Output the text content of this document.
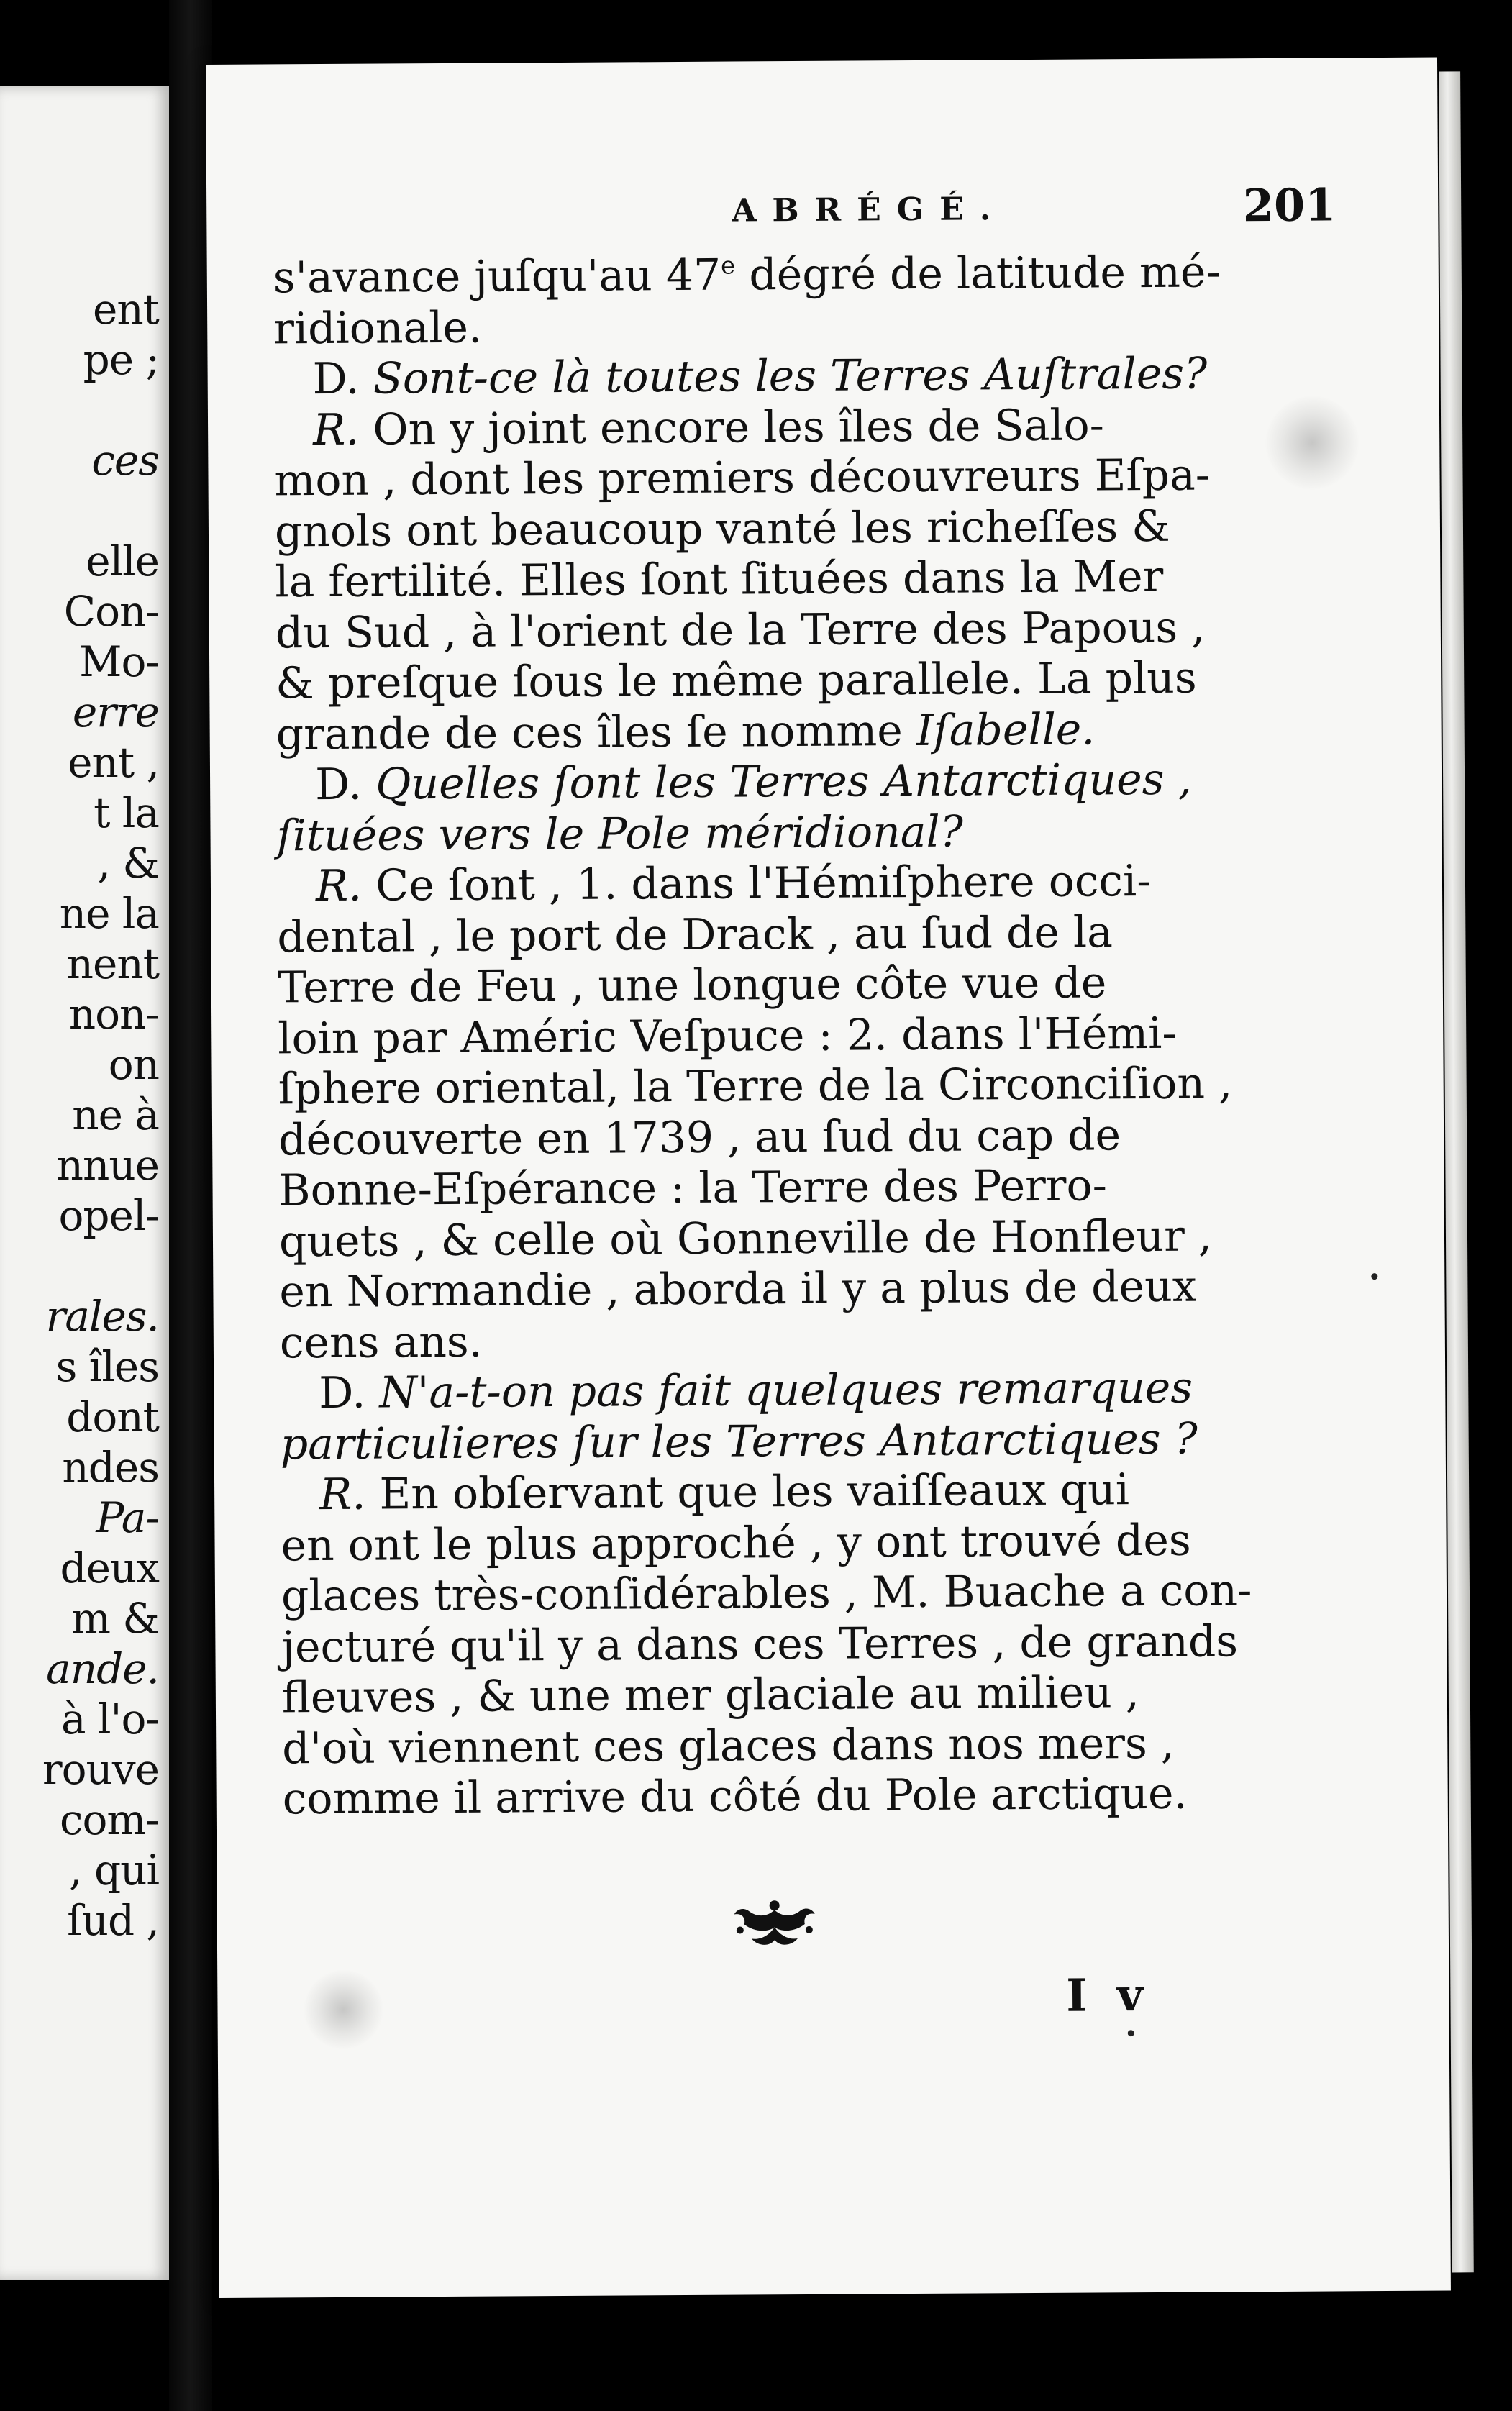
ent
pe ;
ces
elle
Con-
Mo-
erre
ent ,
t la
, &
ne la
nent
non-
on
ne à
nnue
opel-
rales.
s îles
dont
ndes
Pa-
deux
m &
ande.
à l'o-
rouve
com-
, qui
ſud ,
ABRÉGÉ.	201
s'avance juſqu'au 47e dégré de latitude mé-
ridionale.
D. Sont-ce là toutes les Terres Auſtrales?
R. On y joint encore les îles de Salo-
mon , dont les premiers découvreurs Eſpa-
gnols ont beaucoup vanté les richeſſes &
la fertilité. Elles ſont ſituées dans la Mer
du Sud , à l'orient de la Terre des Papous ,
& preſque ſous le même parallele. La plus
grande de ces îles ſe nomme Iſabelle.
D. Quelles ſont les Terres Antarctiques ,
ſituées vers le Pole méridional?
R. Ce ſont , 1. dans l'Hémiſphere occi-
dental , le port de Drack , au ſud de la
Terre de Feu , une longue côte vue de
loin par Améric Veſpuce : 2. dans l'Hémi-
ſphere oriental, la Terre de la Circonciſion ,
découverte en 1739 , au ſud du cap de
Bonne-Eſpérance : la Terre des Perro-
quets , & celle où Gonneville de Honfleur ,
en Normandie , aborda il y a plus de deux
cens ans.
D. N'a-t-on pas fait quelques remarques
particulieres ſur les Terres Antarctiques ?
R. En obſervant que les vaiſſeaux qui
en ont le plus approché , y ont trouvé des
glaces très-conſidérables , M. Buache a con-
jecturé qu'il y a dans ces Terres , de grands
fleuves , & une mer glaciale au milieu ,
d'où viennent ces glaces dans nos mers ,
comme il arrive du côté du Pole arctique.
I v
